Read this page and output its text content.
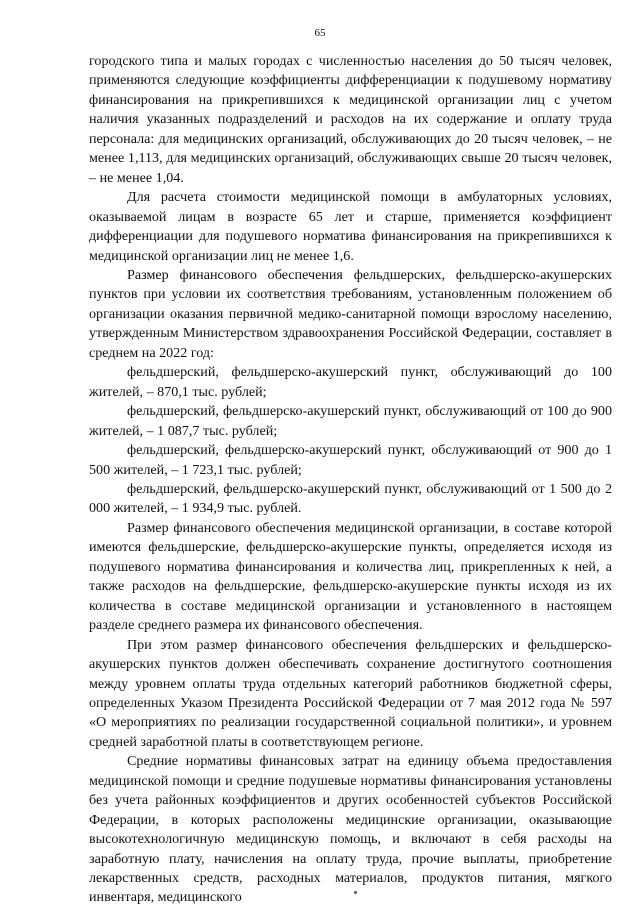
65

городского типа и малых городах с численностью населения до 50 тысяч человек, применяются следующие коэффициенты дифференциации к подушевому нормативу финансирования на прикрепившихся к медицинской организации лиц с учетом наличия указанных подразделений и расходов на их содержание и оплату труда персонала: для медицинских организаций, обслуживающих до 20 тысяч человек, – не менее 1,113, для медицинских организаций, обслуживающих свыше 20 тысяч человек, – не менее 1,04.

Для расчета стоимости медицинской помощи в амбулаторных условиях, оказываемой лицам в возрасте 65 лет и старше, применяется коэффициент дифференциации для подушевого норматива финансирования на прикрепившихся к медицинской организации лиц не менее 1,6.

Размер финансового обеспечения фельдшерских, фельдшерско-акушерских пунктов при условии их соответствия требованиям, установленным положением об организации оказания первичной медико-санитарной помощи взрослому населению, утвержденным Министерством здравоохранения Российской Федерации, составляет в среднем на 2022 год:

фельдшерский, фельдшерско-акушерский пункт, обслуживающий до 100 жителей, – 870,1 тыс. рублей;

фельдшерский, фельдшерско-акушерский пункт, обслуживающий от 100 до 900 жителей, – 1 087,7 тыс. рублей;

фельдшерский, фельдшерско-акушерский пункт, обслуживающий от 900 до 1 500 жителей, – 1 723,1 тыс. рублей;

фельдшерский, фельдшерско-акушерский пункт, обслуживающий от 1 500 до 2 000 жителей, – 1 934,9 тыс. рублей.

Размер финансового обеспечения медицинской организации, в составе которой имеются фельдшерские, фельдшерско-акушерские пункты, определяется исходя из подушевого норматива финансирования и количества лиц, прикрепленных к ней, а также расходов на фельдшерские, фельдшерско-акушерские пункты исходя из их количества в составе медицинской организации и установленного в настоящем разделе среднего размера их финансового обеспечения.

При этом размер финансового обеспечения фельдшерских и фельдшерско-акушерских пунктов должен обеспечивать сохранение достигнутого соотношения между уровнем оплаты труда отдельных категорий работников бюджетной сферы, определенных Указом Президента Российской Федерации от 7 мая 2012 года № 597 «О мероприятиях по реализации государственной социальной политики», и уровнем средней заработной платы в соответствующем регионе.

Средние нормативы финансовых затрат на единицу объема предоставления медицинской помощи и средние подушевые нормативы финансирования установлены без учета районных коэффициентов и других особенностей субъектов Российской Федерации, в которых расположены медицинские организации, оказывающие высокотехнологичную медицинскую помощь, и включают в себя расходы на заработную плату, начисления на оплату труда, прочие выплаты, приобретение лекарственных средств, расходных материалов, продуктов питания, мягкого инвентаря, медицинского
